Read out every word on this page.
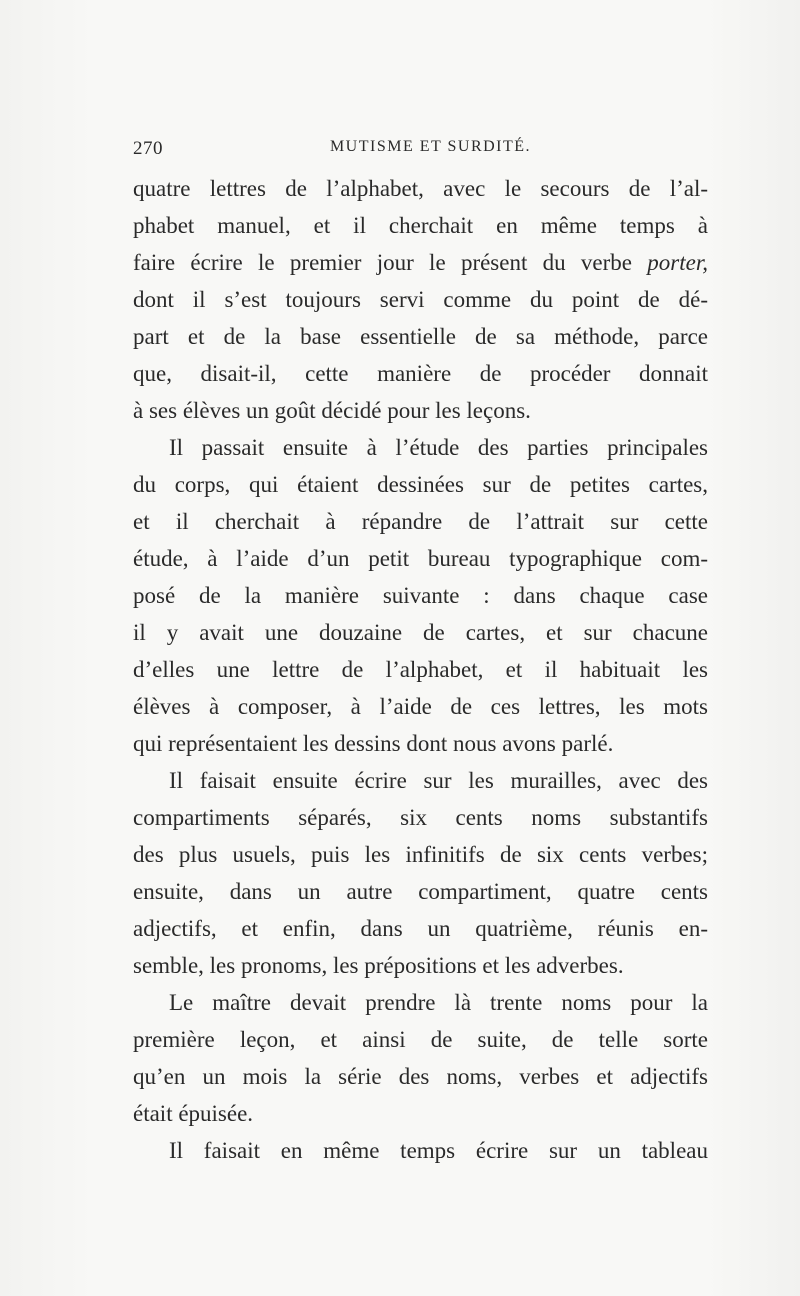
270	MUTISME ET SURDITÉ.
quatre lettres de l’alphabet, avec le secours de l’al-
phabet manuel, et il cherchait en même temps à
faire écrire le premier jour le présent du verbe porter,
dont il s’est toujours servi comme du point de dé-
part et de la base essentielle de sa méthode, parce
que, disait-il, cette manière de procéder donnait
à ses élèves un goût décidé pour les leçons.
Il passait ensuite à l’étude des parties principales
du corps, qui étaient dessinées sur de petites cartes,
et il cherchait à répandre de l’attrait sur cette
étude, à l’aide d’un petit bureau typographique com-
posé de la manière suivante : dans chaque case
il y avait une douzaine de cartes, et sur chacune
d’elles une lettre de l’alphabet, et il habituait les
élèves à composer, à l’aide de ces lettres, les mots
qui représentaient les dessins dont nous avons parlé.
Il faisait ensuite écrire sur les murailles, avec des
compartiments séparés, six cents noms substantifs
des plus usuels, puis les infinitifs de six cents verbes;
ensuite, dans un autre compartiment, quatre cents
adjectifs, et enfin, dans un quatrième, réunis en-
semble, les pronoms, les prépositions et les adverbes.
Le maître devait prendre là trente noms pour la
première leçon, et ainsi de suite, de telle sorte
qu’en un mois la série des noms, verbes et adjectifs
était épuisée.
Il faisait en même temps écrire sur un tableau
